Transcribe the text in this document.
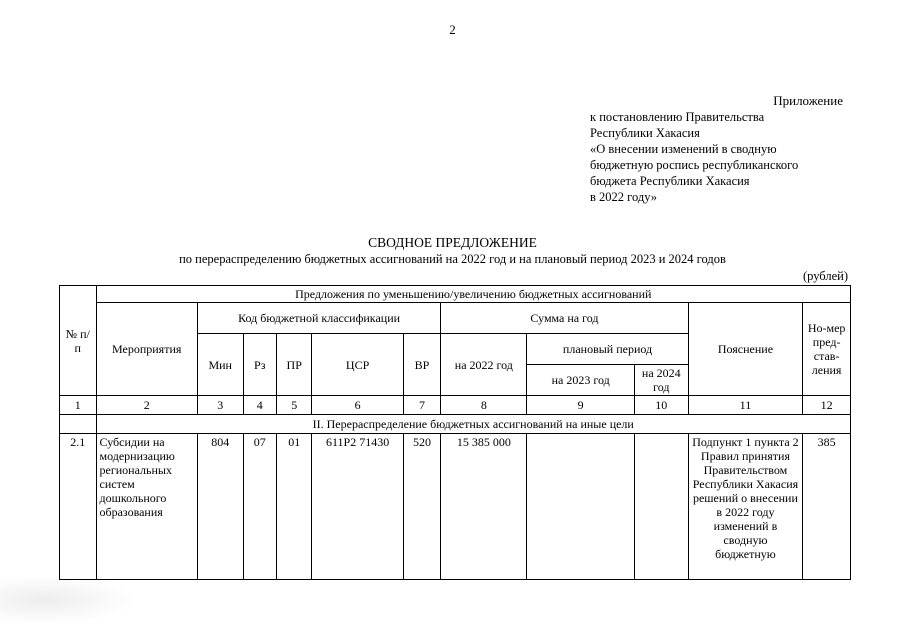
2
Приложение
к постановлению Правительства
Республики Хакасия
«О внесении изменений в сводную
бюджетную роспись республиканского
бюджета Республики Хакасия
в 2022 году»
СВОДНОЕ ПРЕДЛОЖЕНИЕ
по перераспределению бюджетных ассигнований на 2022 год и на плановый период 2023 и 2024 годов
(рублей)
№ п/п	Предложения по уменьшению/увеличению бюджетных ассигнований										
	Мероприятия	Код бюджетной классификации					Сумма на год			Пояснение	Но-мер пред-став-ления
		Мин	Рз	ПР	ЦСР	ВР	на 2022 год	плановый период			
								на 2023 год	на 2024 год		
1	2	3	4	5	6	7	8	9	10	11	12
	II. Перераспределение бюджетных ассигнований на иные цели										
2.1	Субсидии на модернизацию региональных систем дошкольного образования	804	07	01	611Р2 71430	520	15 385 000			Подпункт 1 пункта 2 Правил принятия Правительством Республики Хакасия решений о внесении в 2022 году изменений в сводную бюджетную	385
